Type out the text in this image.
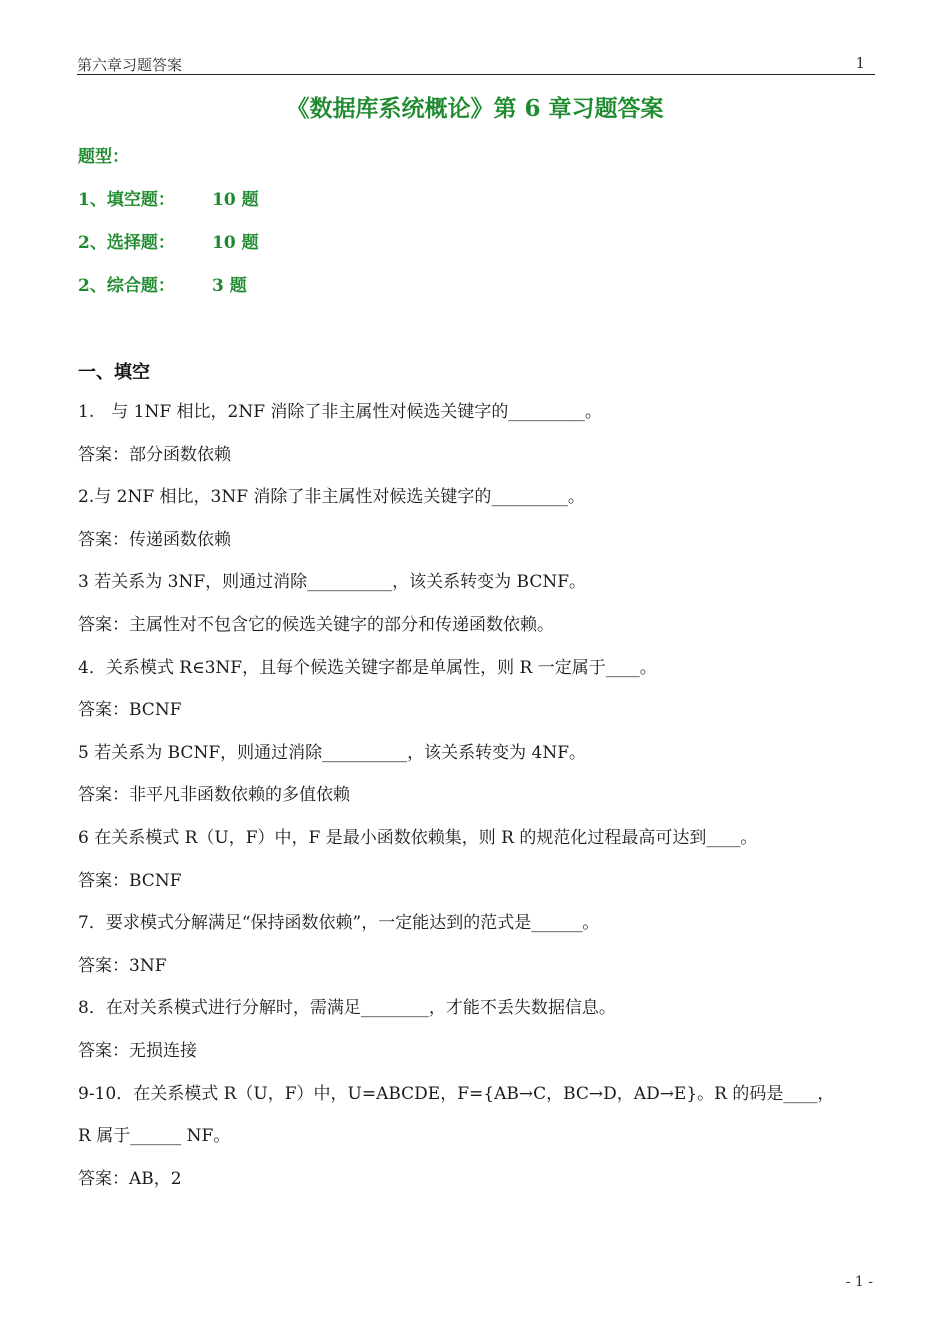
第六章习题答案	1
《数据库系统概论》第 6 章习题答案
题型：
1、填空题： 10 题
2、选择题： 10 题
2、综合题： 3 题
一、填空
1.　与 1NF 相比，2NF 消除了非主属性对候选关键字的_________。
答案：部分函数依赖
2.与 2NF 相比，3NF 消除了非主属性对候选关键字的_________。
答案：传递函数依赖
3 若关系为 3NF，则通过消除__________，该关系转变为 BCNF。
答案：主属性对不包含它的候选关键字的部分和传递函数依赖。
4．关系模式 R∈3NF，且每个候选关键字都是单属性，则 R 一定属于____。
答案：BCNF
5 若关系为 BCNF，则通过消除__________，该关系转变为 4NF。
答案：非平凡非函数依赖的多值依赖
6 在关系模式 R（U，F）中，F 是最小函数依赖集，则 R 的规范化过程最高可达到____。
答案：BCNF
7．要求模式分解满足“保持函数依赖”，一定能达到的范式是______。
答案：3NF
8．在对关系模式进行分解时，需满足________，才能不丢失数据信息。
答案：无损连接
9-10．在关系模式 R（U，F）中，U=ABCDE，F={AB→C，BC→D，AD→E}。R 的码是____，
R 属于______ NF。
答案：AB，2
- 1 -
